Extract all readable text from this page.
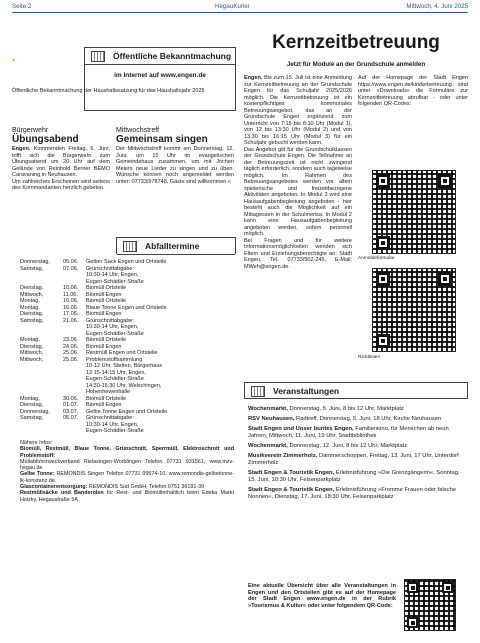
Seite 2	HegauKurier	Mittwoch, 4. Juni 2025
▪	Öffentliche Bekanntmachung
im Internet auf www.engen.de
Öffentliche Bekanntmachung der Haushaltssatzung für das Haushaltsjahr 2025
Bürgerwehr
Übungsabend
Engen. Kommenden Freitag, 6. Juni, trifft sich die Bürgerwehr zum Übungsabend um 20 Uhr auf dem Gelände von Reinhold Berner BEMO Caravaning in Neuhausen.
Um zahlreiches Erscheinen wird seitens des Kommandanten herzlich gebeten.
Mittwochstreff
Gemeinsam singen
Der Mittwochstreff kommt am Donnerstag, 12. Juni, um 15 Uhr im evangelischen Gemeindehaus zusammen, um mit Jochen Meiers neue Lieder zu singen und zu üben. Wünsche können noch angemeldet werden unter: 07733/978748. Gäste sind willkommen.«
Abfalltermine
Donnerstag,	05.06.	Gelber Sack Engen und Ortsteile
Samstag,	07.06.	Grünschnittabgabe:
10:30-14 Uhr, Engen,
Eugen-Schädler-Straße
Dienstag,	10.06.	Biomüll Ortsteile
Mittwoch,	11.06.	Biomüll Engen
Montag,	16.06.	Biomüll Ortsteile
Montag,	16.06.	Blaue Tonne Engen und Ortsteile
Dienstag,	17.06.	Biomüll Engen
Samstag,	21.06.	Grünschnittabgabe:
10:30-14 Uhr, Engen,
Eugen-Schädler-Straße
Montag,	23.06.	Biomüll Ortsteile
Dienstag,	24.06.	Biomüll Engen
Mittwoch,	25.06.	Restmüll Engen und Ortsteile
Mittwoch,	25.06.	Problemstoffsammlung
10-12 Uhr, Stetten, Bürgerhaus
12:15-14:15 Uhr, Engen,
Eugen-Schädler-Straße
14:30-16:30 Uhr, Welschingen,
Hohenhewenhalle
Montag,	30.06.	Biomüll Ortsteile
Dienstag,	01.07.	Biomüll Engen
Donnerstag,	03.07.	Gelbe Tonne Engen und Ortsteile
Samstag,	05.07.	Grünschnittabgabe:
10:30-14 Uhr, Engen,
Eugen-Schädler-Straße
Nähere Infos:
Biomüll, Restmüll, Blaue Tonne, Grünschnitt, Sperrmüll, Elektroschrott und Problemstoff:
Müllabfuhrzweckverband Rielasingen-Worblingen Telefon 07731 931561, www.mzv-hegau.de
Gelbe Tonne: REMONDIS Singen Telefon 07731 99574-10, www.remondis-gelbetonne-lk-konstanz.de.
Glascontainerentsorgung: REMONDIS Süd GmbH, Telefon 0751 36191-39
Restmüllsäcke und Banderolen für Rest- und Biomüllerhältlich beim Edeka Markt Holzky, Hegaustraße 5A
Kernzeitbetreuung
Jetzt für Module an der Grundschule anmelden
Engen. Bis zum 15. Juli ist eine Anmeldung zur Kernzeitbetreuung an der Grundschule Engen für das Schuljahr 2025/2026 möglich. Die Kernzeitbetreuung ist ein kostenpflichtiges kommunales Betreuungsangebot, das an der Grundschule Engen ergänzend zum Unterricht von 7:15 bis 8:10 Uhr (Modul 1), von 12 bis 13:30 Uhr (Modul 2) und von 13:30 bis 16:15 Uhr (Modul 3) für ein Schuljahr gebucht werden kann.
Das Angebot gilt für die Grundschulklassen der Grundschule Engen. Die Teilnahme an der Betreuungszeit ist nicht zwingend täglich erforderlich, sondern auch tageweise möglich. Im Rahmen des Betreuungsangebotes werden vor allem spielerische und freizeitbezogene Aktivitäten angeboten. In Modul 3 wird eine Hausaufgabenbegleitung angeboten - hier besteht auch die Möglichkeit auf ein Mittagessen in der Schulmensa. In Modul 2 kann eine Hausaufgabenbegleitung angeboten werden, sofern personell möglich.
Bei Fragen und für weitere Informationsmöglichkeiten wenden sich Eltern und Erziehungsberechtigte an: Stadt Engen, Tel. 07733/502-245, E-Mail: MWeh@engen.de.
Auf der Homepage der Stadt Engen https://www.engen.de/kinderbetreuung sind unter »Downloads« die Formulare zur Kernzeitbetreuung abrufbar - oder unter folgenden QR-Codes:
Anmeldeformular
Richtlinien
Veranstaltungen
Wochenmarkt, Donnerstag, 5. Juni, 8 bis 12 Uhr, Marktplatz
RSV Neuhausen, Radtreff, Donnerstag, 5. Juni, 18 Uhr, Kirche Neuhausen
Stadt Engen und Unser buntes Engen, Familienkino, für Menschen ab neun Jahren, Mittwoch, 11. Juni, 19 Uhr, Stadtbibliothek
Wochenmarkt, Donnerstag, 12. Juni, 8 bis 12 Uhr, Marktplatz
Musikverein Zimmerholz, Dämmerschoppen, Freitag, 13. Juni, 17 Uhr, Unterdorf Zimmerholz
Stadt Engen & Touristik Engen, Erlebnisführung »Die Grenzgängerin«, Sonntag, 15. Juni, 10:30 Uhr, Felsenparkplatz
Stadt Engen & Touristik Engen, Erlebnisführung »Fromme Frauen oder falsche Nonnen«, Dienstag, 17. Juni, 18:30 Uhr, Felsenparkplatz
Eine aktuelle Übersicht über alle Veranstaltungen in Engen und den Ortsteilen gibt es auf der Homepage der Stadt Engen www.engen.de in der Rubrik »Tourismus & Kultur« oder unter folgendem QR-Code:
